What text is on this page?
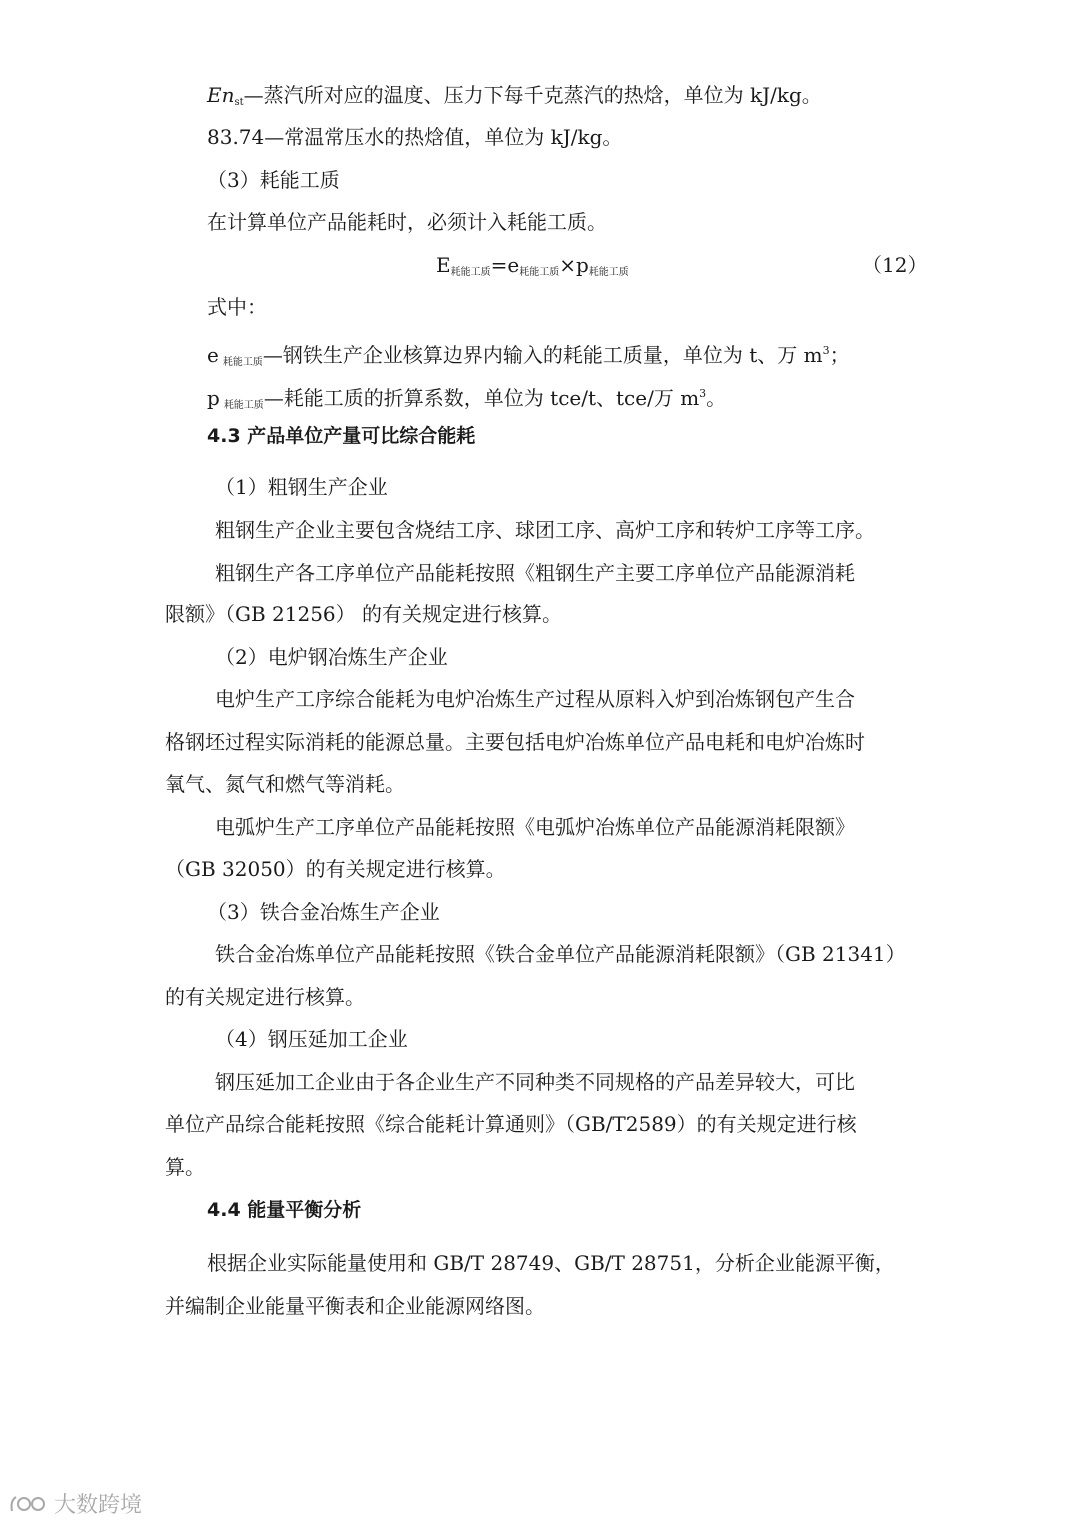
$En_{st}—$蒸汽所对应的温度、压力下每千克蒸汽的热焓，单位为 kJ/kg。
83.74—常温常压水的热焓值，单位为 kJ/kg。
（3）耗能工质
在计算单位产品能耗时，必须计入耗能工质。
$E_{耗能工质}=e_{耗能工质}\times p_{耗能工质}$	（12）
式中：
e $_{耗能工质}$—钢铁生产企业核算边界内输入的耗能工质量，单位为 t、万 $m^3$；
p $_{耗能工质}$—耗能工质的折算系数，单位为 tce/t、tce/万 $m^3$。
4.3 产品单位产量可比综合能耗
（1）粗钢生产企业
粗钢生产企业主要包含烧结工序、球团工序、高炉工序和转炉工序等工序。
粗钢生产各工序单位产品能耗按照《粗钢生产主要工序单位产品能源消耗
限额》（GB 21256） 的有关规定进行核算。
（2）电炉钢冶炼生产企业
电炉生产工序综合能耗为电炉冶炼生产过程从原料入炉到冶炼钢包产生合
格钢坯过程实际消耗的能源总量。主要包括电炉冶炼单位产品电耗和电炉冶炼时
氧气、氮气和燃气等消耗。
电弧炉生产工序单位产品能耗按照《电弧炉冶炼单位产品能源消耗限额》
（GB 32050）的有关规定进行核算。
（3）铁合金冶炼生产企业
铁合金冶炼单位产品能耗按照《铁合金单位产品能源消耗限额》（GB 21341）
的有关规定进行核算。
（4）钢压延加工企业
钢压延加工企业由于各企业生产不同种类不同规格的产品差异较大，可比
单位产品综合能耗按照《综合能耗计算通则》（GB/T2589）的有关规定进行核
算。
4.4 能量平衡分析
根据企业实际能量使用和 GB/T 28749、GB/T 28751，分析企业能源平衡，
并编制企业能量平衡表和企业能源网络图。
大数跨境
